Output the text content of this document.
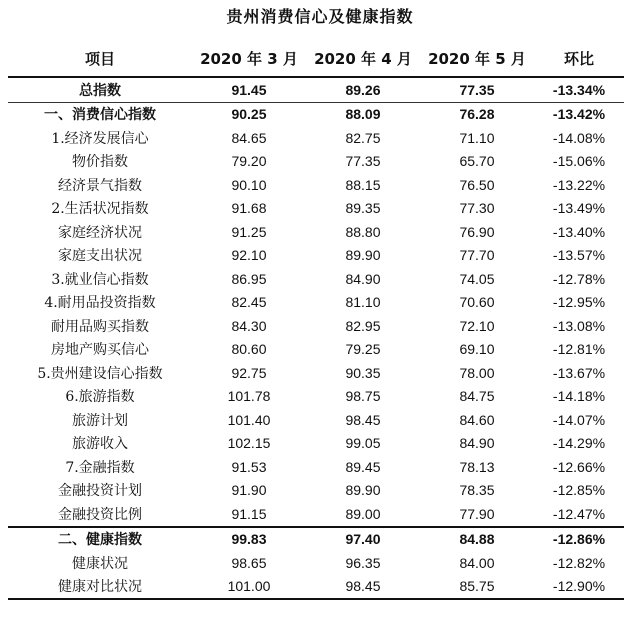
贵州消费信心及健康指数
项目	2020 年 3 月	2020 年 4 月	2020 年 5 月	环比
总指数	91.45	89.26	77.35	-13.34%
一、消费信心指数	90.25	88.09	76.28	-13.42%
1.经济发展信心	84.65	82.75	71.10	-14.08%
物价指数	79.20	77.35	65.70	-15.06%
经济景气指数	90.10	88.15	76.50	-13.22%
2.生活状况指数	91.68	89.35	77.30	-13.49%
家庭经济状况	91.25	88.80	76.90	-13.40%
家庭支出状况	92.10	89.90	77.70	-13.57%
3.就业信心指数	86.95	84.90	74.05	-12.78%
4.耐用品投资指数	82.45	81.10	70.60	-12.95%
耐用品购买指数	84.30	82.95	72.10	-13.08%
房地产购买信心	80.60	79.25	69.10	-12.81%
5.贵州建设信心指数	92.75	90.35	78.00	-13.67%
6.旅游指数	101.78	98.75	84.75	-14.18%
旅游计划	101.40	98.45	84.60	-14.07%
旅游收入	102.15	99.05	84.90	-14.29%
7.金融指数	91.53	89.45	78.13	-12.66%
金融投资计划	91.90	89.90	78.35	-12.85%
金融投资比例	91.15	89.00	77.90	-12.47%
二、健康指数	99.83	97.40	84.88	-12.86%
健康状况	98.65	96.35	84.00	-12.82%
健康对比状况	101.00	98.45	85.75	-12.90%
